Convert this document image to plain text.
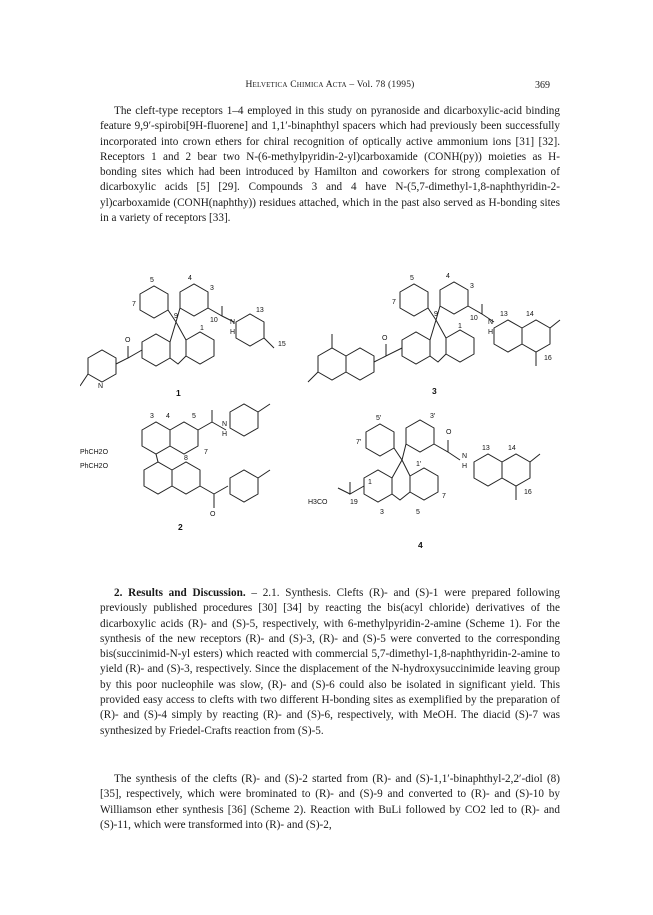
Helvetica Chimica Acta
– Vol. 78 (1995)	369

The cleft-type receptors 1–4 employed in this study on pyranoside and dicarboxylic-acid binding feature 9,9′-spirobi[9H-fluorene] and 1,1′-binaphthyl spacers which had previously been successfully incorporated into crown ethers for chiral recognition of optically active ammonium ions [31] [32]. Receptors 1 and 2 bear two N-(6-methylpyridin-2-yl)carboxamide (CONH(py)) moieties as H-bonding sites which had been introduced by Hamilton and coworkers for strong complexation of dicarboxylic acids [5] [29]. Compounds 3 and 4 have N-(5,7-dimethyl-1,8-naphthyridin-2-yl)carboxamide (CONH(naphthy)) residues attached, which in the past also served as H-bonding sites in a variety of receptors [33].

5	4
3
7
9
10
1
13
15
N
H
O
N
1
5	4
3
7
9
1
10
13	14
16
N
H
O
3
3 4	5
7
8
PhCH2O
PhCH2O
N
H
O
2
5′	3′
7′
1′
1
19
7
3	5
13	14
16
H3CO
O
N
H
4

2. Results and Discussion. – 2.1. Synthesis. Clefts (R)- and (S)-1 were prepared following previously published procedures [30] [34] by reacting the bis(acyl chloride) derivatives of the dicarboxylic acids (R)- and (S)-5, respectively, with 6-methylpyridin-2-amine (Scheme 1). For the synthesis of the new receptors (R)- and (S)-3, (R)- and (S)-5 were converted to the corresponding bis(succinimid-N-yl esters) which reacted with commercial 5,7-dimethyl-1,8-naphthyridin-2-amine to yield (R)- and (S)-3, respectively. Since the displacement of the N-hydroxysuccinimide leaving group by this poor nucleophile was slow, (R)- and (S)-6 could also be isolated in significant yield. This provided easy access to clefts with two different H-bonding sites as exemplified by the preparation of (R)- and (S)-4 simply by reacting (R)- and (S)-6, respectively, with MeOH. The diacid (S)-7 was synthesized by Friedel-Crafts reaction from (S)-5.

The synthesis of the clefts (R)- and (S)-2 started from (R)- and (S)-1,1′-binaphthyl-2,2′-diol (8) [35], respectively, which were brominated to (R)- and (S)-9 and converted to (R)- and (S)-10 by Williamson ether synthesis [36] (Scheme 2). Reaction with BuLi followed by CO2 led to (R)- and (S)-11, which were transformed into (R)- and (S)-2,
